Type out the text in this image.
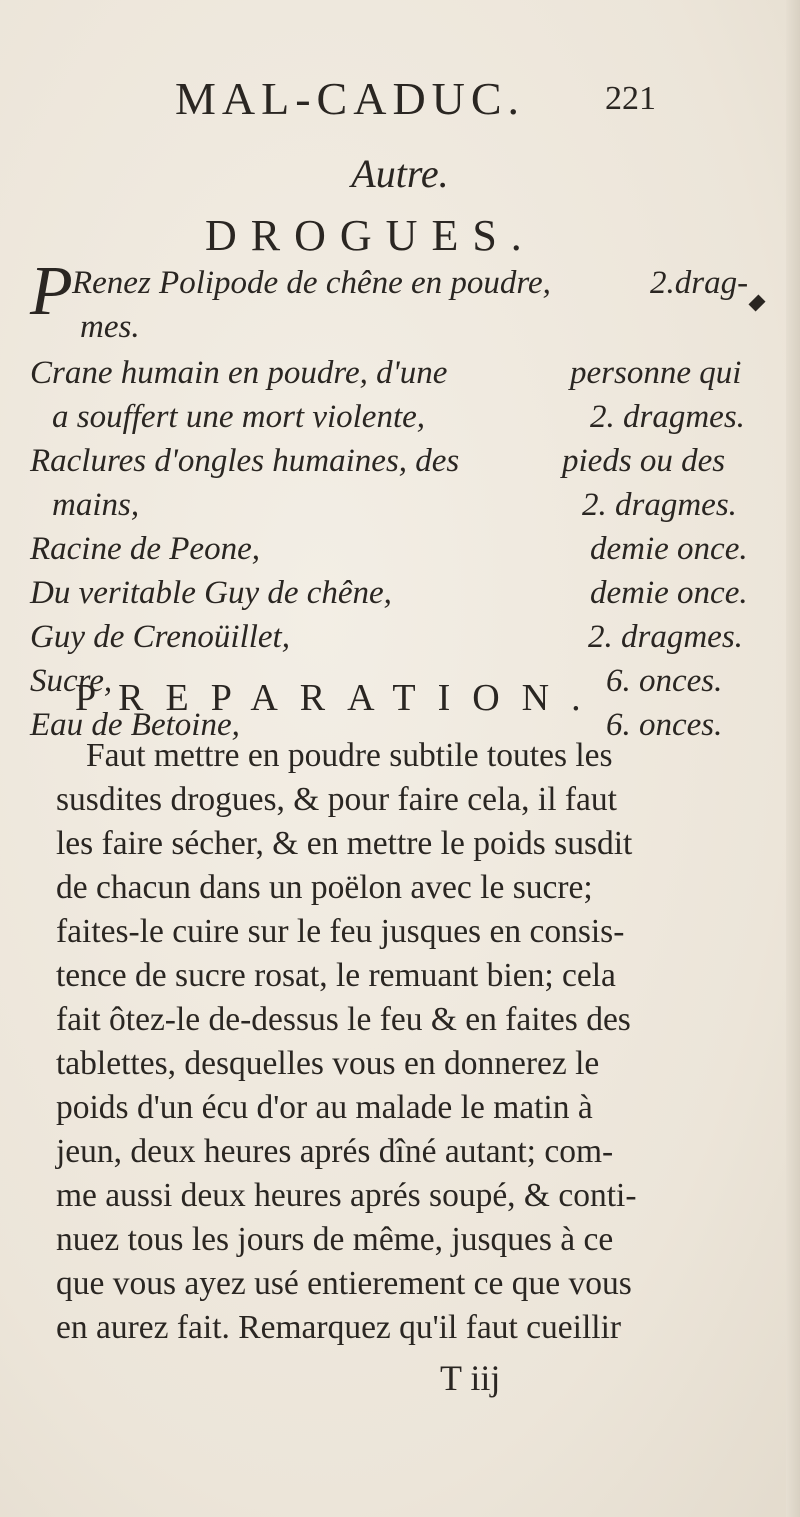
MAL-CADUC. 221
Autre.
DROGUES.
P Renez Polipode de chêne en poudre,	2.drag-
mes.
Crane humain en poudre, d'une	personne qui
a souffert une mort violente,	2. dragmes.
Raclures d'ongles humaines, des	pieds ou des
mains,	2. dragmes.
Racine de Peone,	demie once.
Du veritable Guy de chêne,	demie once.
Guy de Crenoüillet,	2. dragmes.
Sucre,	6. onces.
Eau de Betoine,	6. onces.
PREPARATION.
Faut mettre en poudre subtile toutes les
susdites drogues, & pour faire cela, il faut
les faire sécher, & en mettre le poids susdit
de chacun dans un poëlon avec le sucre;
faites-le cuire sur le feu jusques en consis-
tence de sucre rosat, le remuant bien; cela
fait ôtez-le de-dessus le feu & en faites des
tablettes, desquelles vous en donnerez le
poids d'un écu d'or au malade le matin à
jeun, deux heures aprés dîné autant; com-
me aussi deux heures aprés soupé, & conti-
nuez tous les jours de même, jusques à ce
que vous ayez usé entierement ce que vous
en aurez fait. Remarquez qu'il faut cueillir
T iij
